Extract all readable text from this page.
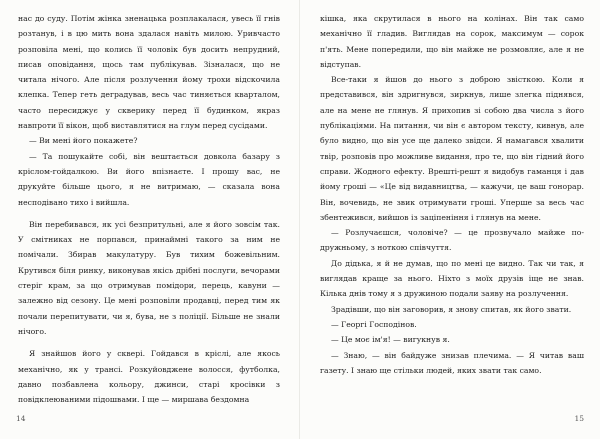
нас до суду. Потім жінка зненацька розплакалася, увесь її гнів розтанув, і в цю мить вона здалася навіть милою. Уривчасто розповіла мені, що колись її чоловік був досить непрудний, писав оповідання, щось там публікував. Зізналася, що не читала нічого. Але після розлучення йому трохи відскочила клепка. Тепер геть деградував, весь час тиняється кварталом, часто пересиджує у скверику перед її будинком, якраз навпроти її вікон, щоб виставлятися на глум перед сусідами.

— Ви мені його покажете?

— Та пошукайте собі, він вештається довкола базару з кріслом-гойдалкою. Ви його впізнаєте. І прошу вас, не друкуйте більше цього, я не витримаю, — сказала вона несподівано тихо і вийшла.

Він перебивався, як усі безпритульні, але я його зовсім так. У смітниках не порпався, принаймні такого за ним не помічали. Збирав макулатуру. Був тихим божевільним. Крутився біля ринку, виконував якісь дрібні послуги, вечорами стеріг крам, за що отримував помідори, перець, кавуни — залежно від сезону. Це мені розповіли продавці, перед тим як почали перепитувати, чи я, бува, не з поліції. Більше не знали нічого.

Я знайшов його у сквері. Гойдався в кріслі, але якось механічно, як у трансі. Розкуйовджене волосся, футболка, давно позбавлена кольору, джинси, старі кросівки з повідклеюваними підошвами. І ще — миршава бездомна

14

кішка, яка скрутилася в нього на колінах. Він так само механічно її гладив. Виглядав на сорок, максимум — сорок п'ять. Мене попередили, що він майже не розмовляє, але я не відступав.

Все-таки я йшов до нього з доброю звісткою. Коли я представився, він здригнувся, зиркнув, лише злегка піднявся, але на мене не глянув. Я прихопив зі собою два числа з його публікаціями. На питання, чи він є автором тексту, кивнув, але було видно, що він усе ще далеко звідси. Я намагався хвалити твір, розповів про можливе видання, про те, що він гідний його справи. Жодного ефекту. Врешті-решт я видобув гаманця і дав йому гроші — «Це від видавництва, — кажучи, це ваш гонорар. Він, вочевидь, не звик отримувати гроші. Уперше за весь час збентежився, вийшов із заціпеніння і глянув на мене.

— Розлучаєшся, чоловіче? — це прозвучало майже по-дружньому, з ноткою співчуття.

До дідька, я й не думав, що по мені це видно. Так чи так, я виглядав краще за нього. Ніхто з моїх друзів іще не знав. Кілька днів тому я з дружиною подали заяву на розлучення.

Зрадівши, що він заговорив, я знову спитав, як його звати.

— Георгі Господінов.

— Це моє ім'я! — вигукнув я.

— Знаю, — він байдуже знизав плечима. — Я читав ваш газету. І знаю ще стільки людей, яких звати так само.

15
